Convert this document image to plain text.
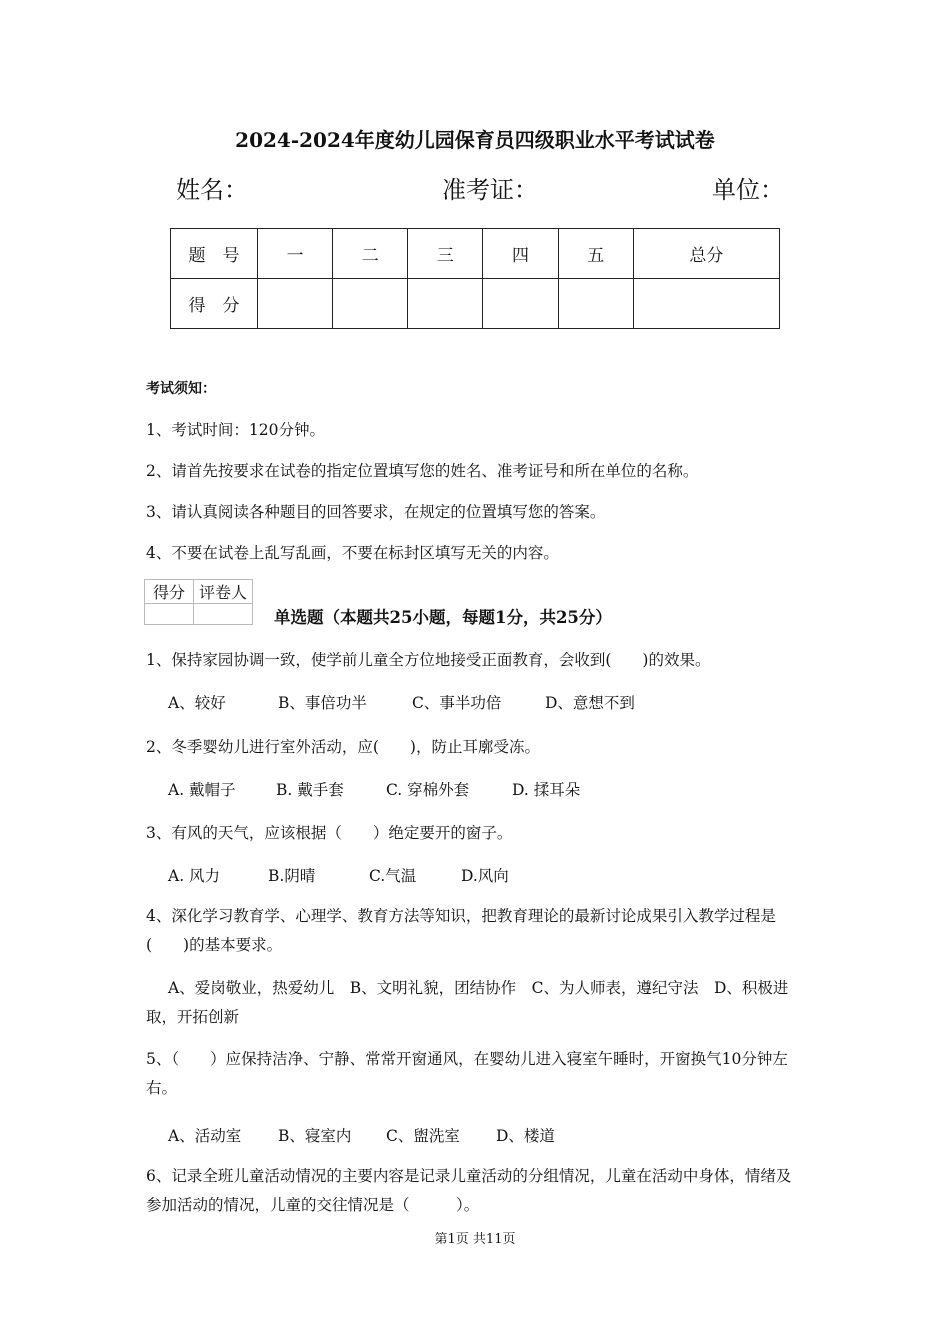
2024-2024年度幼儿园保育员四级职业水平考试试卷
姓名：	准考证：	单位：
题　号	一	二	三	四	五	总分
得　分						
考试须知：
1、考试时间：120分钟。
2、请首先按要求在试卷的指定位置填写您的姓名、准考证号和所在单位的名称。
3、请认真阅读各种题目的回答要求，在规定的位置填写您的答案。
4、不要在试卷上乱写乱画，不要在标封区填写无关的内容。
得分	评卷人

单选题（本题共25小题，每题1分，共25分）
1、保持家园协调一致，使学前儿童全方位地接受正面教育，会收到(　　)的效果。
A、较好	B、事倍功半	C、事半功倍	D、意想不到
2、冬季婴幼儿进行室外活动，应(　　)，防止耳廓受冻。
A. 戴帽子	B. 戴手套	C. 穿棉外套	D. 揉耳朵
3、有风的天气，应该根据（　　）绝定要开的窗子。
A. 风力	B.阴晴	C.气温	D.风向
4、深化学习教育学、心理学、教育方法等知识，把教育理论的最新讨论成果引入教学过程是(　　)的基本要求。
A、爱岗敬业，热爱幼儿　B、文明礼貌，团结协作　C、为人师表，遵纪守法　D、积极进取，开拓创新
5、（　　）应保持洁净、宁静、常常开窗通风，在婴幼儿进入寝室午睡时，开窗换气10分钟左右。
A、活动室 B、寝室内 C、盥洗室 D、楼道
6、记录全班儿童活动情况的主要内容是记录儿童活动的分组情况，儿童在活动中身体，情绪及参加活动的情况，儿童的交往情况是（　　　）。
第1页 共11页
